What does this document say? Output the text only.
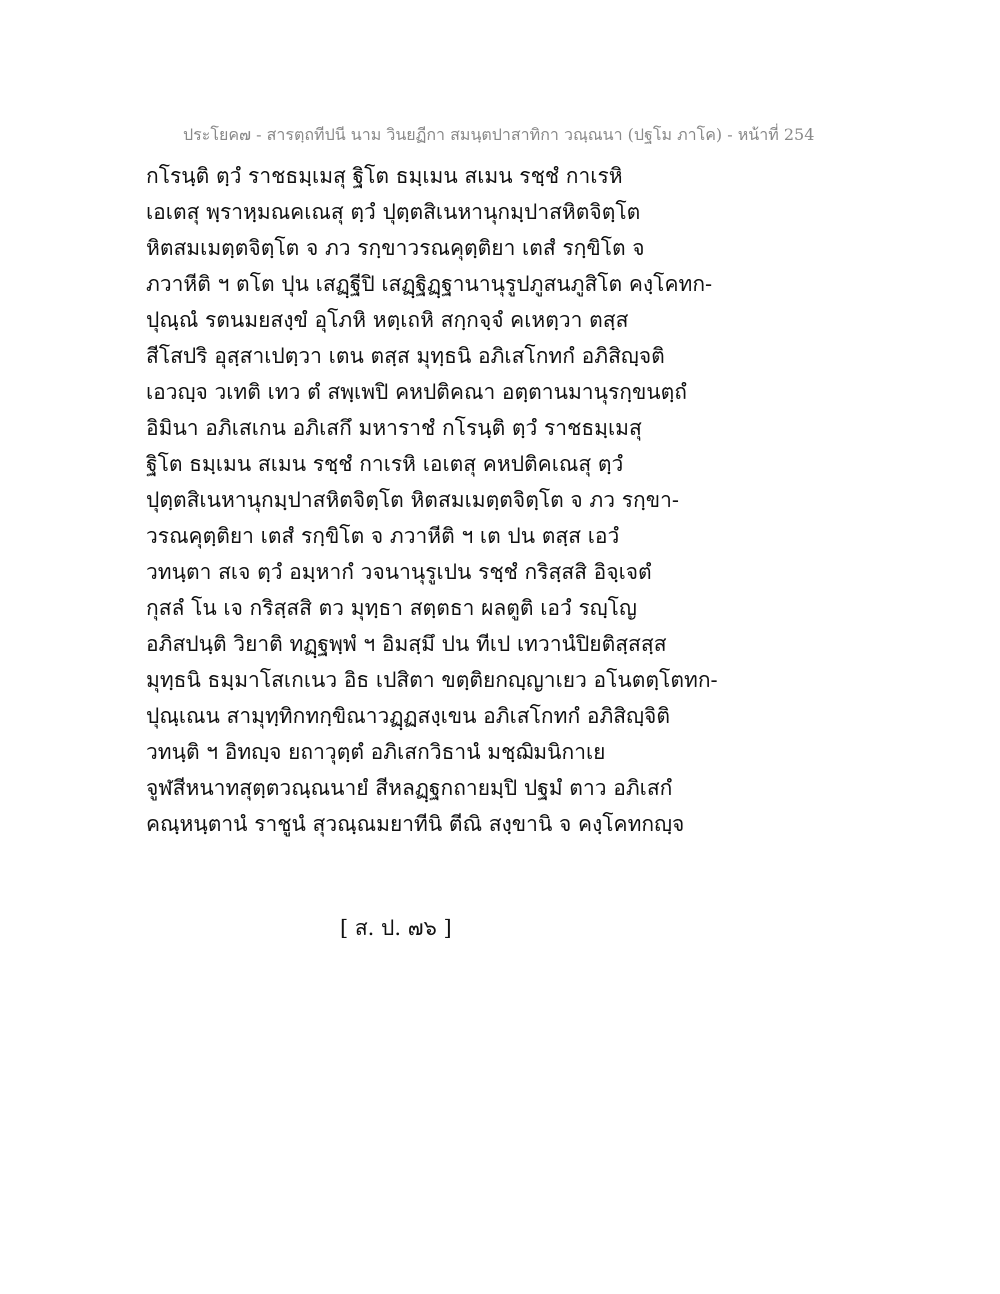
ประโยค๗ - สารตฺถทีปนี นาม วินยฏีกา สมนฺตปาสาทิกา วณฺณนา (ปฐโม ภาโค) - หน้าที่ 254
กโรนฺติ ตฺวํ ราชธมฺเมสุ ฐิโต ธมฺเมน สเมน รชฺชํ กาเรหิ
เอเตสุ พฺราหฺมณคเณสุ ตฺวํ ปุตฺตสิเนหานุกมฺปาสหิตจิตฺโต
หิตสมเมตฺตจิตฺโต จ ภว รกฺขาวรณคุตฺติยา เตสํ รกฺขิโต จ
ภวาหีติ ฯ ตโต ปุน เสฏฺฐีปิ เสฏฺฐิฏฺฐานานุรูปภูสนภูสิโต คงฺโคทก-
ปุณฺณํ รตนมยสงฺขํ อุโภหิ หตฺเถหิ สกฺกจฺจํ คเหตฺวา ตสฺส
สีโสปริ อุสฺสาเปตฺวา เตน ตสฺส มุทฺธนิ อภิเสโกทกํ อภิสิญฺจติ
เอวญฺจ วเทติ เทว ตํ สพฺเพปิ คหปติคณา อตฺตานมานุรกฺขนตฺถํ
อิมินา อภิเสเกน อภิเสกึ มหาราชํ กโรนฺติ ตฺวํ ราชธมฺเมสุ
ฐิโต ธมฺเมน สเมน รชฺชํ กาเรหิ เอเตสุ คหปติคเณสุ ตฺวํ
ปุตฺตสิเนหานุกมฺปาสหิตจิตฺโต หิตสมเมตฺตจิตฺโต จ ภว รกฺขา-
วรณคุตฺติยา เตสํ รกฺขิโต จ ภวาหีติ ฯ เต ปน ตสฺส เอวํ
วทนฺตา สเจ ตฺวํ อมฺหากํ วจนานุรูเปน รชฺชํ กริสฺสสิ อิจฺเจตํ
กุสลํ โน เจ กริสฺสสิ ตว มุทฺธา สตฺตธา ผลตูติ เอวํ รญฺโญ
อภิสปนฺติ วิยาติ ทฏฺฐพฺพํ ฯ อิมสฺมึ ปน ทีเป เทวานํปิยติสฺสสฺส
มุทฺธนิ ธมฺมาโสเกเนว อิธ เปสิตา ขตฺติยกญฺญาเยว อโนตตฺโตทก-
ปุณฺเณน สามุทฺทิกทกฺขิณาวฏฺฏสงฺเขน อภิเสโกทกํ อภิสิญฺจิติ
วทนฺติ ฯ อิทญฺจ ยถาวุตฺตํ อภิเสกวิธานํ มชฺฌิมนิกาเย
จูฬสีหนาทสุตฺตวณฺณนายํ สีหลฏฺฐกถายมฺปิ ปฐมํ ตาว อภิเสกํ
คณฺหนฺตานํ ราชูนํ สุวณฺณมยาทีนิ ตีณิ สงฺขานิ จ คงฺโคทกญฺจ
[ ส. ป. ๗๖ ]
